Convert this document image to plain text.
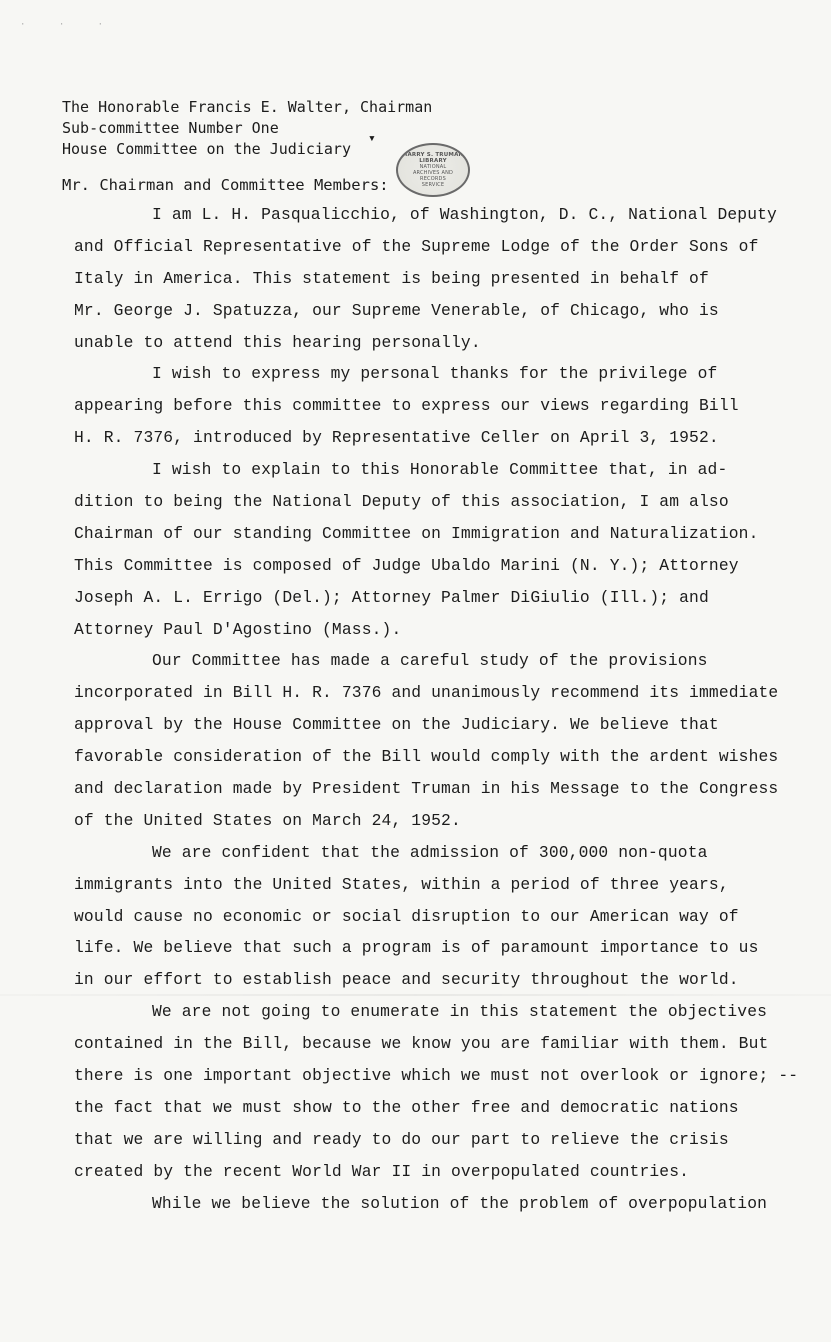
· · ·
The Honorable Francis E. Walter, Chairman
Sub-committee Number One
House Committee on the Judiciary
▾
HARRY S. TRUMAN LIBRARY
NATIONAL
ARCHIVES AND
RECORDS
SERVICE
Mr. Chairman and Committee Members:
I am L. H. Pasqualicchio, of Washington, D. C., National Deputy
and Official Representative of the Supreme Lodge of the Order Sons of
Italy in America. This statement is being presented in behalf of
Mr. George J. Spatuzza, our Supreme Venerable, of Chicago, who is
unable to attend this hearing personally.
I wish to express my personal thanks for the privilege of
appearing before this committee to express our views regarding Bill
H. R. 7376, introduced by Representative Celler on April 3, 1952.
I wish to explain to this Honorable Committee that, in ad-
dition to being the National Deputy of this association, I am also
Chairman of our standing Committee on Immigration and Naturalization.
This Committee is composed of Judge Ubaldo Marini (N. Y.); Attorney
Joseph A. L. Errigo (Del.); Attorney Palmer DiGiulio (Ill.); and
Attorney Paul D'Agostino (Mass.).
Our Committee has made a careful study of the provisions
incorporated in Bill H. R. 7376 and unanimously recommend its immediate
approval by the House Committee on the Judiciary. We believe that
favorable consideration of the Bill would comply with the ardent wishes
and declaration made by President Truman in his Message to the Congress
of the United States on March 24, 1952.
We are confident that the admission of 300,000 non-quota
immigrants into the United States, within a period of three years,
would cause no economic or social disruption to our American way of
life. We believe that such a program is of paramount importance to us
in our effort to establish peace and security throughout the world.
We are not going to enumerate in this statement the objectives
contained in the Bill, because we know you are familiar with them. But
there is one important objective which we must not overlook or ignore; --
the fact that we must show to the other free and democratic nations
that we are willing and ready to do our part to relieve the crisis
created by the recent World War II in overpopulated countries.
While we believe the solution of the problem of overpopulation
